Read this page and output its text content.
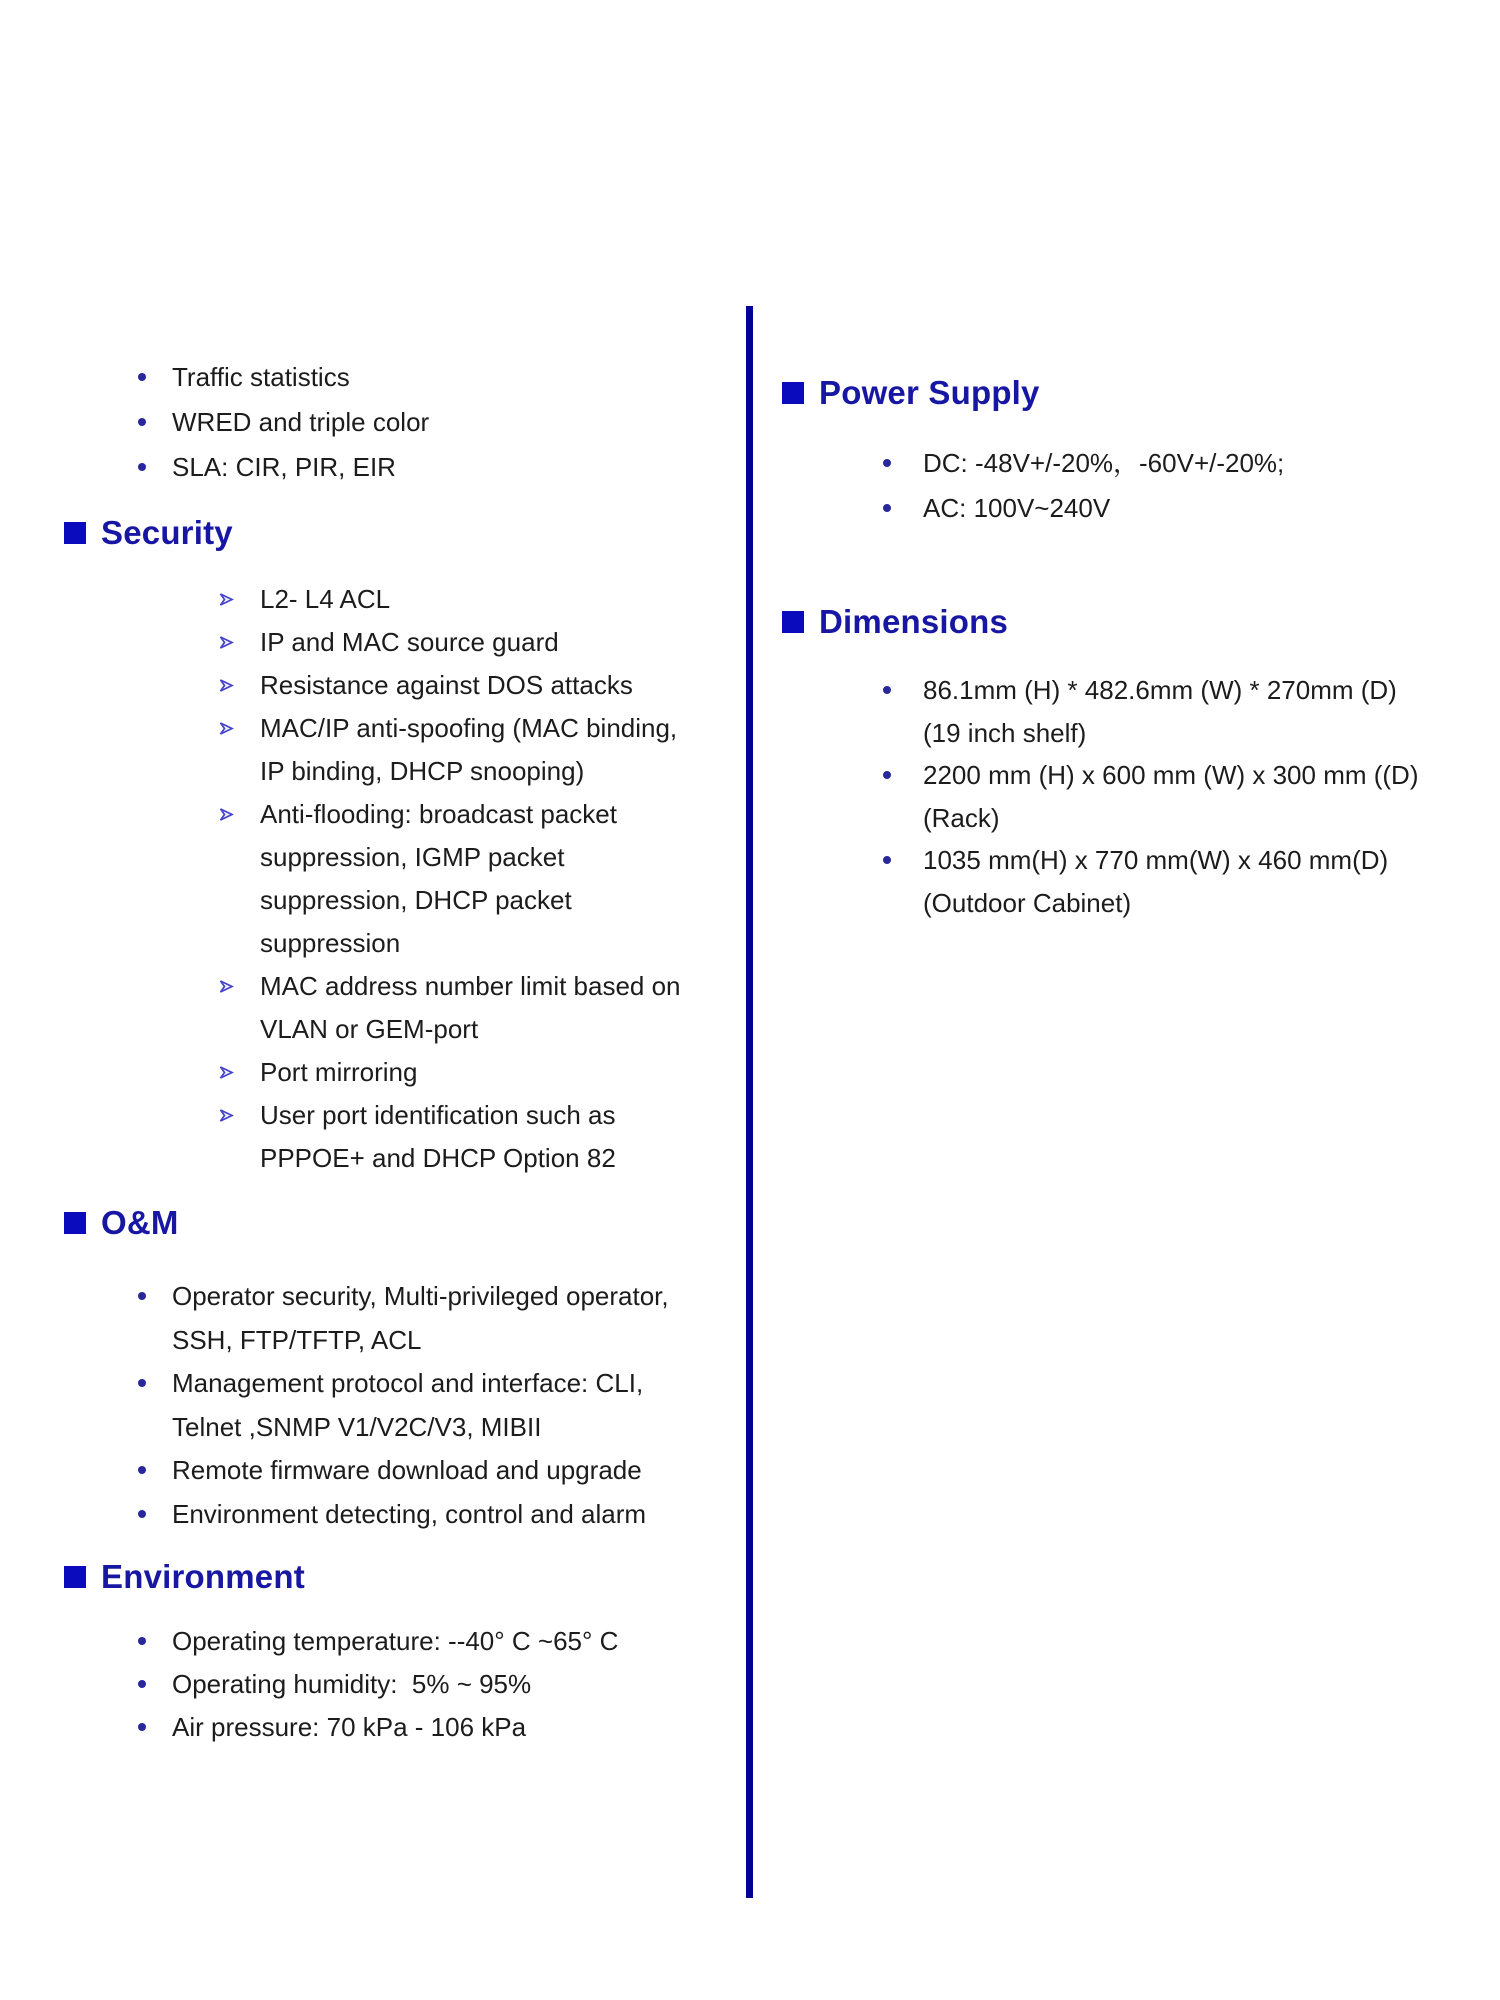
Traffic statistics
WRED and triple color
SLA: CIR, PIR, EIR
Security
L2- L4 ACL
IP and MAC source guard
Resistance against DOS attacks
MAC/IP anti-spoofing (MAC binding,
IP binding, DHCP snooping)
Anti-flooding: broadcast packet
suppression, IGMP packet
suppression, DHCP packet
suppression
MAC address number limit based on
VLAN or GEM-port
Port mirroring
User port identification such as
PPPOE+ and DHCP Option 82
O&M
Operator security, Multi-privileged operator,
SSH, FTP/TFTP, ACL
Management protocol and interface: CLI,
Telnet ,SNMP V1/V2C/V3, MIBII
Remote firmware download and upgrade
Environment detecting, control and alarm
Environment
Operating temperature: --40° C ~65° C
Operating humidity:  5% ~ 95%
Air pressure: 70 kPa - 106 kPa
Power Supply
DC: -48V+/-20%，-60V+/-20%;
AC: 100V~240V
Dimensions
86.1mm (H) * 482.6mm (W) * 270mm (D)
(19 inch shelf)
2200 mm (H) x 600 mm (W) x 300 mm ((D)
(Rack)
1035 mm(H) x 770 mm(W) x 460 mm(D)
(Outdoor Cabinet)
